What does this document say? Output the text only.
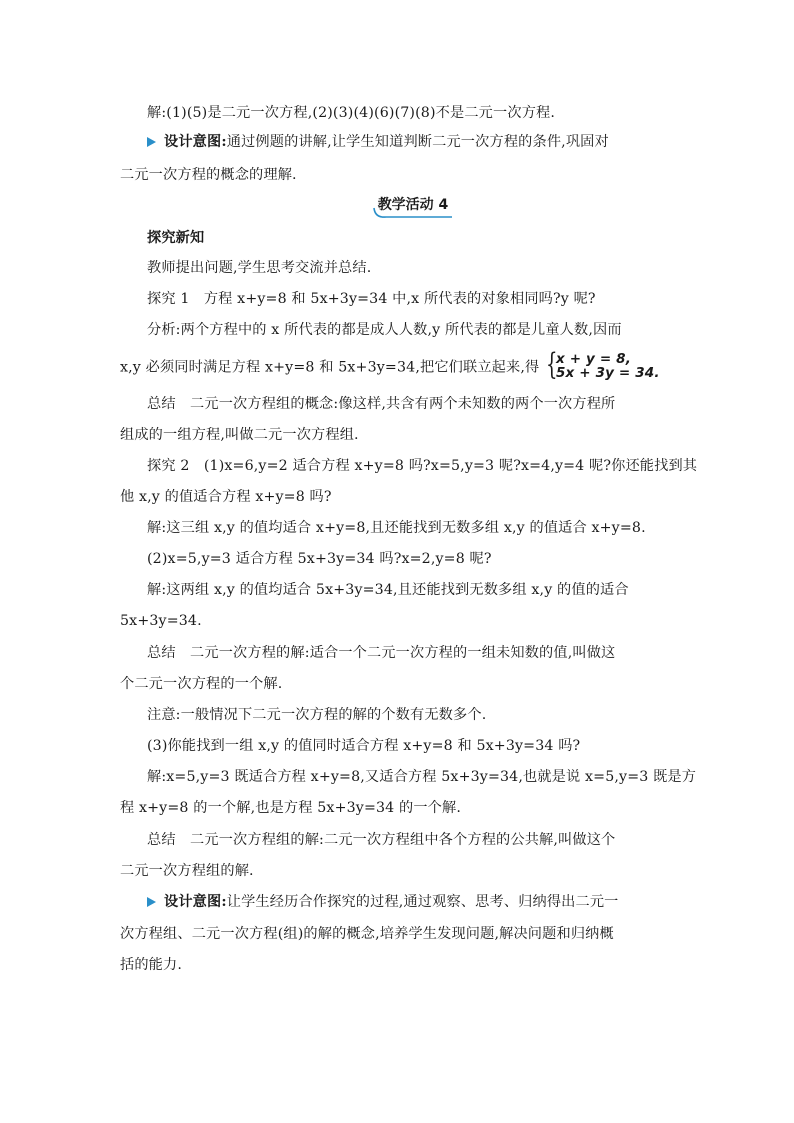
解:(1)(5)是二元一次方程,(2)(3)(4)(6)(7)(8)不是二元一次方程.
设计意图: 通过例题的讲解,让学生知道判断二元一次方程的条件,巩固对
二元一次方程的概念的理解.
教学活动 4
探究新知
教师提出问题,学生思考交流并总结.
探究 1　方程 x+y=8 和 5x+3y=34 中,x 所代表的对象相同吗?y 呢?
分析:两个方程中的 x 所代表的都是成人人数,y 所代表的都是儿童人数,因而
x,y 必须同时满足方程 x+y=8 和 5x+3y=34,把它们联立起来,得 {
x + y = 8,
5x + 3y = 34.
总结　二元一次方程组的概念:像这样,共含有两个未知数的两个一次方程所
组成的一组方程,叫做二元一次方程组.
探究 2　(1)x=6,y=2 适合方程 x+y=8 吗?x=5,y=3 呢?x=4,y=4 呢?你还能找到其
他 x,y 的值适合方程 x+y=8 吗?
解:这三组 x,y 的值均适合 x+y=8,且还能找到无数多组 x,y 的值适合 x+y=8.
(2)x=5,y=3 适合方程 5x+3y=34 吗?x=2,y=8 呢?
解:这两组 x,y 的值均适合 5x+3y=34,且还能找到无数多组 x,y 的值的适合
5x+3y=34.
总结　二元一次方程的解:适合一个二元一次方程的一组未知数的值,叫做这
个二元一次方程的一个解.
注意:一般情况下二元一次方程的解的个数有无数多个.
(3)你能找到一组 x,y 的值同时适合方程 x+y=8 和 5x+3y=34 吗?
解:x=5,y=3 既适合方程 x+y=8,又适合方程 5x+3y=34,也就是说 x=5,y=3 既是方
程 x+y=8 的一个解,也是方程 5x+3y=34 的一个解.
总结　二元一次方程组的解:二元一次方程组中各个方程的公共解,叫做这个
二元一次方程组的解.
设计意图: 让学生经历合作探究的过程,通过观察、思考、归纳得出二元一
次方程组、二元一次方程(组)的解的概念,培养学生发现问题,解决问题和归纳概
括的能力.
